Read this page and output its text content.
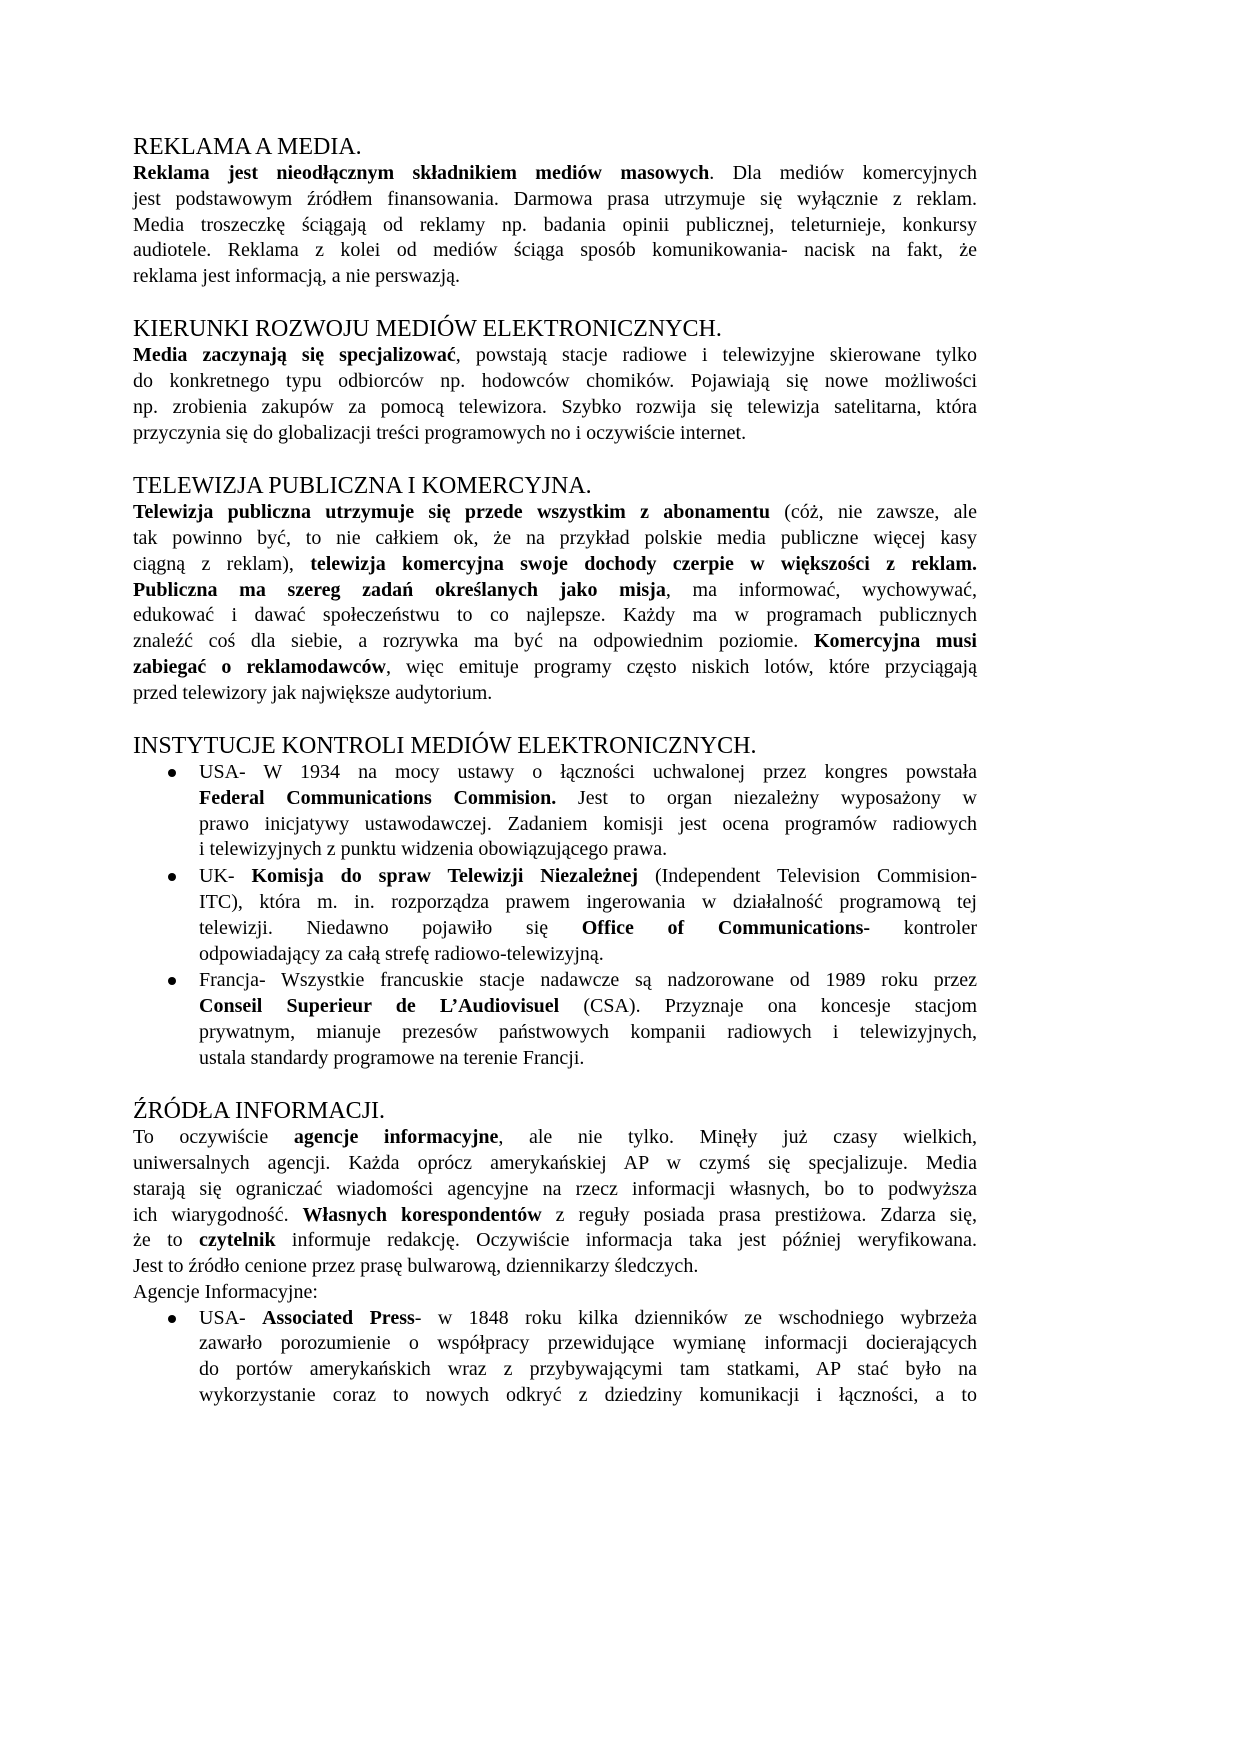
REKLAMA A MEDIA.
Reklama jest nieodłącznym składnikiem mediów masowych. Dla mediów komercyjnych
jest podstawowym źródłem finansowania. Darmowa prasa utrzymuje się wyłącznie z reklam.
Media troszeczkę ściągają od reklamy np. badania opinii publicznej, teleturnieje, konkursy
audiotele. Reklama z kolei od mediów ściąga sposób komunikowania- nacisk na fakt, że
reklama jest informacją, a nie perswazją.
KIERUNKI ROZWOJU MEDIÓW ELEKTRONICZNYCH.
Media zaczynają się specjalizować, powstają stacje radiowe i telewizyjne skierowane tylko
do konkretnego typu odbiorców np. hodowców chomików. Pojawiają się nowe możliwości
np. zrobienia zakupów za pomocą telewizora. Szybko rozwija się telewizja satelitarna, która
przyczynia się do globalizacji treści programowych no i oczywiście internet.
TELEWIZJA PUBLICZNA I KOMERCYJNA.
Telewizja publiczna utrzymuje się przede wszystkim z abonamentu (cóż, nie zawsze, ale
tak powinno być, to nie całkiem ok, że na przykład polskie media publiczne więcej kasy
ciągną z reklam), telewizja komercyjna swoje dochody czerpie w większości z reklam.
Publiczna ma szereg zadań określanych jako misja, ma informować, wychowywać,
edukować i dawać społeczeństwu to co najlepsze. Każdy ma w programach publicznych
znaleźć coś dla siebie, a rozrywka ma być na odpowiednim poziomie. Komercyjna musi
zabiegać o reklamodawców, więc emituje programy często niskich lotów, które przyciągają
przed telewizory jak największe audytorium.
INSTYTUCJE KONTROLI MEDIÓW ELEKTRONICZNYCH.
USA- W 1934 na mocy ustawy o łączności uchwalonej przez kongres powstała
Federal Communications Commision. Jest to organ niezależny wyposażony w
prawo inicjatywy ustawodawczej. Zadaniem komisji jest ocena programów radiowych
i telewizyjnych z punktu widzenia obowiązującego prawa.
UK- Komisja do spraw Telewizji Niezależnej (Independent Television Commision-
ITC), która m. in. rozporządza prawem ingerowania w działalność programową tej
telewizji. Niedawno pojawiło się Office of Communications- kontroler
odpowiadający za całą strefę radiowo-telewizyjną.
Francja- Wszystkie francuskie stacje nadawcze są nadzorowane od 1989 roku przez
Conseil Superieur de L’Audiovisuel (CSA). Przyznaje ona koncesje stacjom
prywatnym, mianuje prezesów państwowych kompanii radiowych i telewizyjnych,
ustala standardy programowe na terenie Francji.
ŹRÓDŁA INFORMACJI.
To oczywiście agencje informacyjne, ale nie tylko. Minęły już czasy wielkich,
uniwersalnych agencji. Każda oprócz amerykańskiej AP w czymś się specjalizuje. Media
starają się ograniczać wiadomości agencyjne na rzecz informacji własnych, bo to podwyższa
ich wiarygodność. Własnych korespondentów z reguły posiada prasa prestiżowa. Zdarza się,
że to czytelnik informuje redakcję. Oczywiście informacja taka jest później weryfikowana.
Jest to źródło cenione przez prasę bulwarową, dziennikarzy śledczych.
Agencje Informacyjne:
USA- Associated Press- w 1848 roku kilka dzienników ze wschodniego wybrzeża
zawarło porozumienie o współpracy przewidujące wymianę informacji docierających
do portów amerykańskich wraz z przybywającymi tam statkami, AP stać było na
wykorzystanie coraz to nowych odkryć z dziedziny komunikacji i łączności, a to
